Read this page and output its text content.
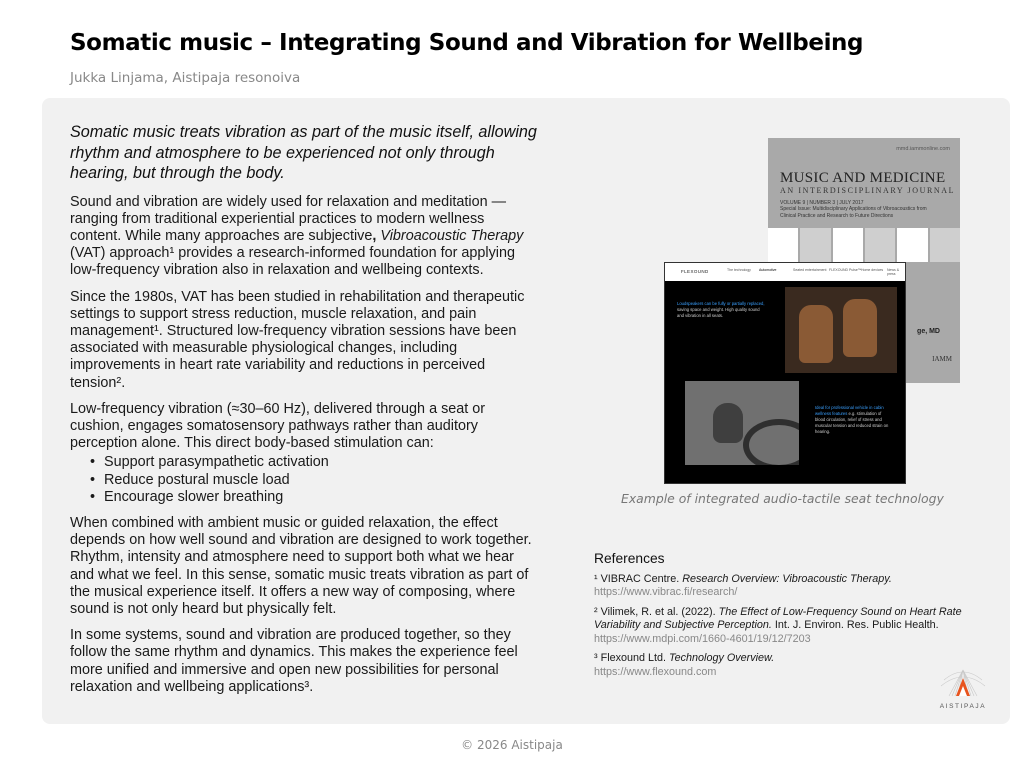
Somatic music – Integrating Sound and Vibration for Wellbeing
Jukka Linjama, Aistipaja resonoiva

Somatic music treats vibration as part of the music itself, allowing rhythm and atmosphere to be experienced not only through hearing, but through the body.

Sound and vibration are widely used for relaxation and meditation — ranging from traditional experiential practices to modern wellness content. While many approaches are subjective, Vibroacoustic Therapy (VAT) approach¹ provides a research-informed foundation for applying low-frequency vibration also in relaxation and wellbeing contexts.

Since the 1980s, VAT has been studied in rehabilitation and therapeutic settings to support stress reduction, muscle relaxation, and pain management¹. Structured low-frequency vibration sessions have been associated with measurable physiological changes, including improvements in heart rate variability and reductions in perceived tension².

Low-frequency vibration (≈30–60 Hz), delivered through a seat or cushion, engages somatosensory pathways rather than auditory perception alone. This direct body-based stimulation can:

• Support parasympathetic activation
• Reduce postural muscle load
• Encourage slower breathing

When combined with ambient music or guided relaxation, the effect depends on how well sound and vibration are designed to work together. Rhythm, intensity and atmosphere need to support both what we hear and what we feel. In this sense, somatic music treats vibration as part of the musical experience itself. It offers a new way of composing, where sound is not only heard but physically felt.

In some systems, sound and vibration are produced together, so they follow the same rhythm and dynamics. This makes the experience feel more unified and immersive and open new possibilities for personal relaxation and wellbeing applications³.

mmd.iammonline.com
MUSIC AND MEDICINE
AN INTERDISCIPLINARY JOURNAL
VOLUME 9 | NUMBER 3 | JULY 2017
Special Issue: Multidisciplinary Applications of Vibroacoustics from Clinical Practice and Research to Future Directions
ge, MD
IAMM
FLEXOUND	The technology Automotive	Seated entertainment FLEXOUND Pulse™ Home devices News & press
Loudspeakers can be fully or partially replaced, saving space and weight. High quality sound and vibration in all seats.
Ideal for professional vehicle in cabin wellness features e.g. stimulation of blood circulation, relief of stress and muscular tension and reduced strain on hearing.
Example of integrated audio-tactile seat technology
References
¹ VIBRAC Centre. Research Overview: Vibroacoustic Therapy.
https://www.vibrac.fi/research/
² Vilimek, R. et al. (2022). The Effect of Low-Frequency Sound on Heart Rate Variability and Subjective Perception. Int. J. Environ. Res. Public Health.
https://www.mdpi.com/1660-4601/19/12/7203
³ Flexound Ltd. Technology Overview.
https://www.flexound.com
AISTIPAJA
© 2026 Aistipaja
